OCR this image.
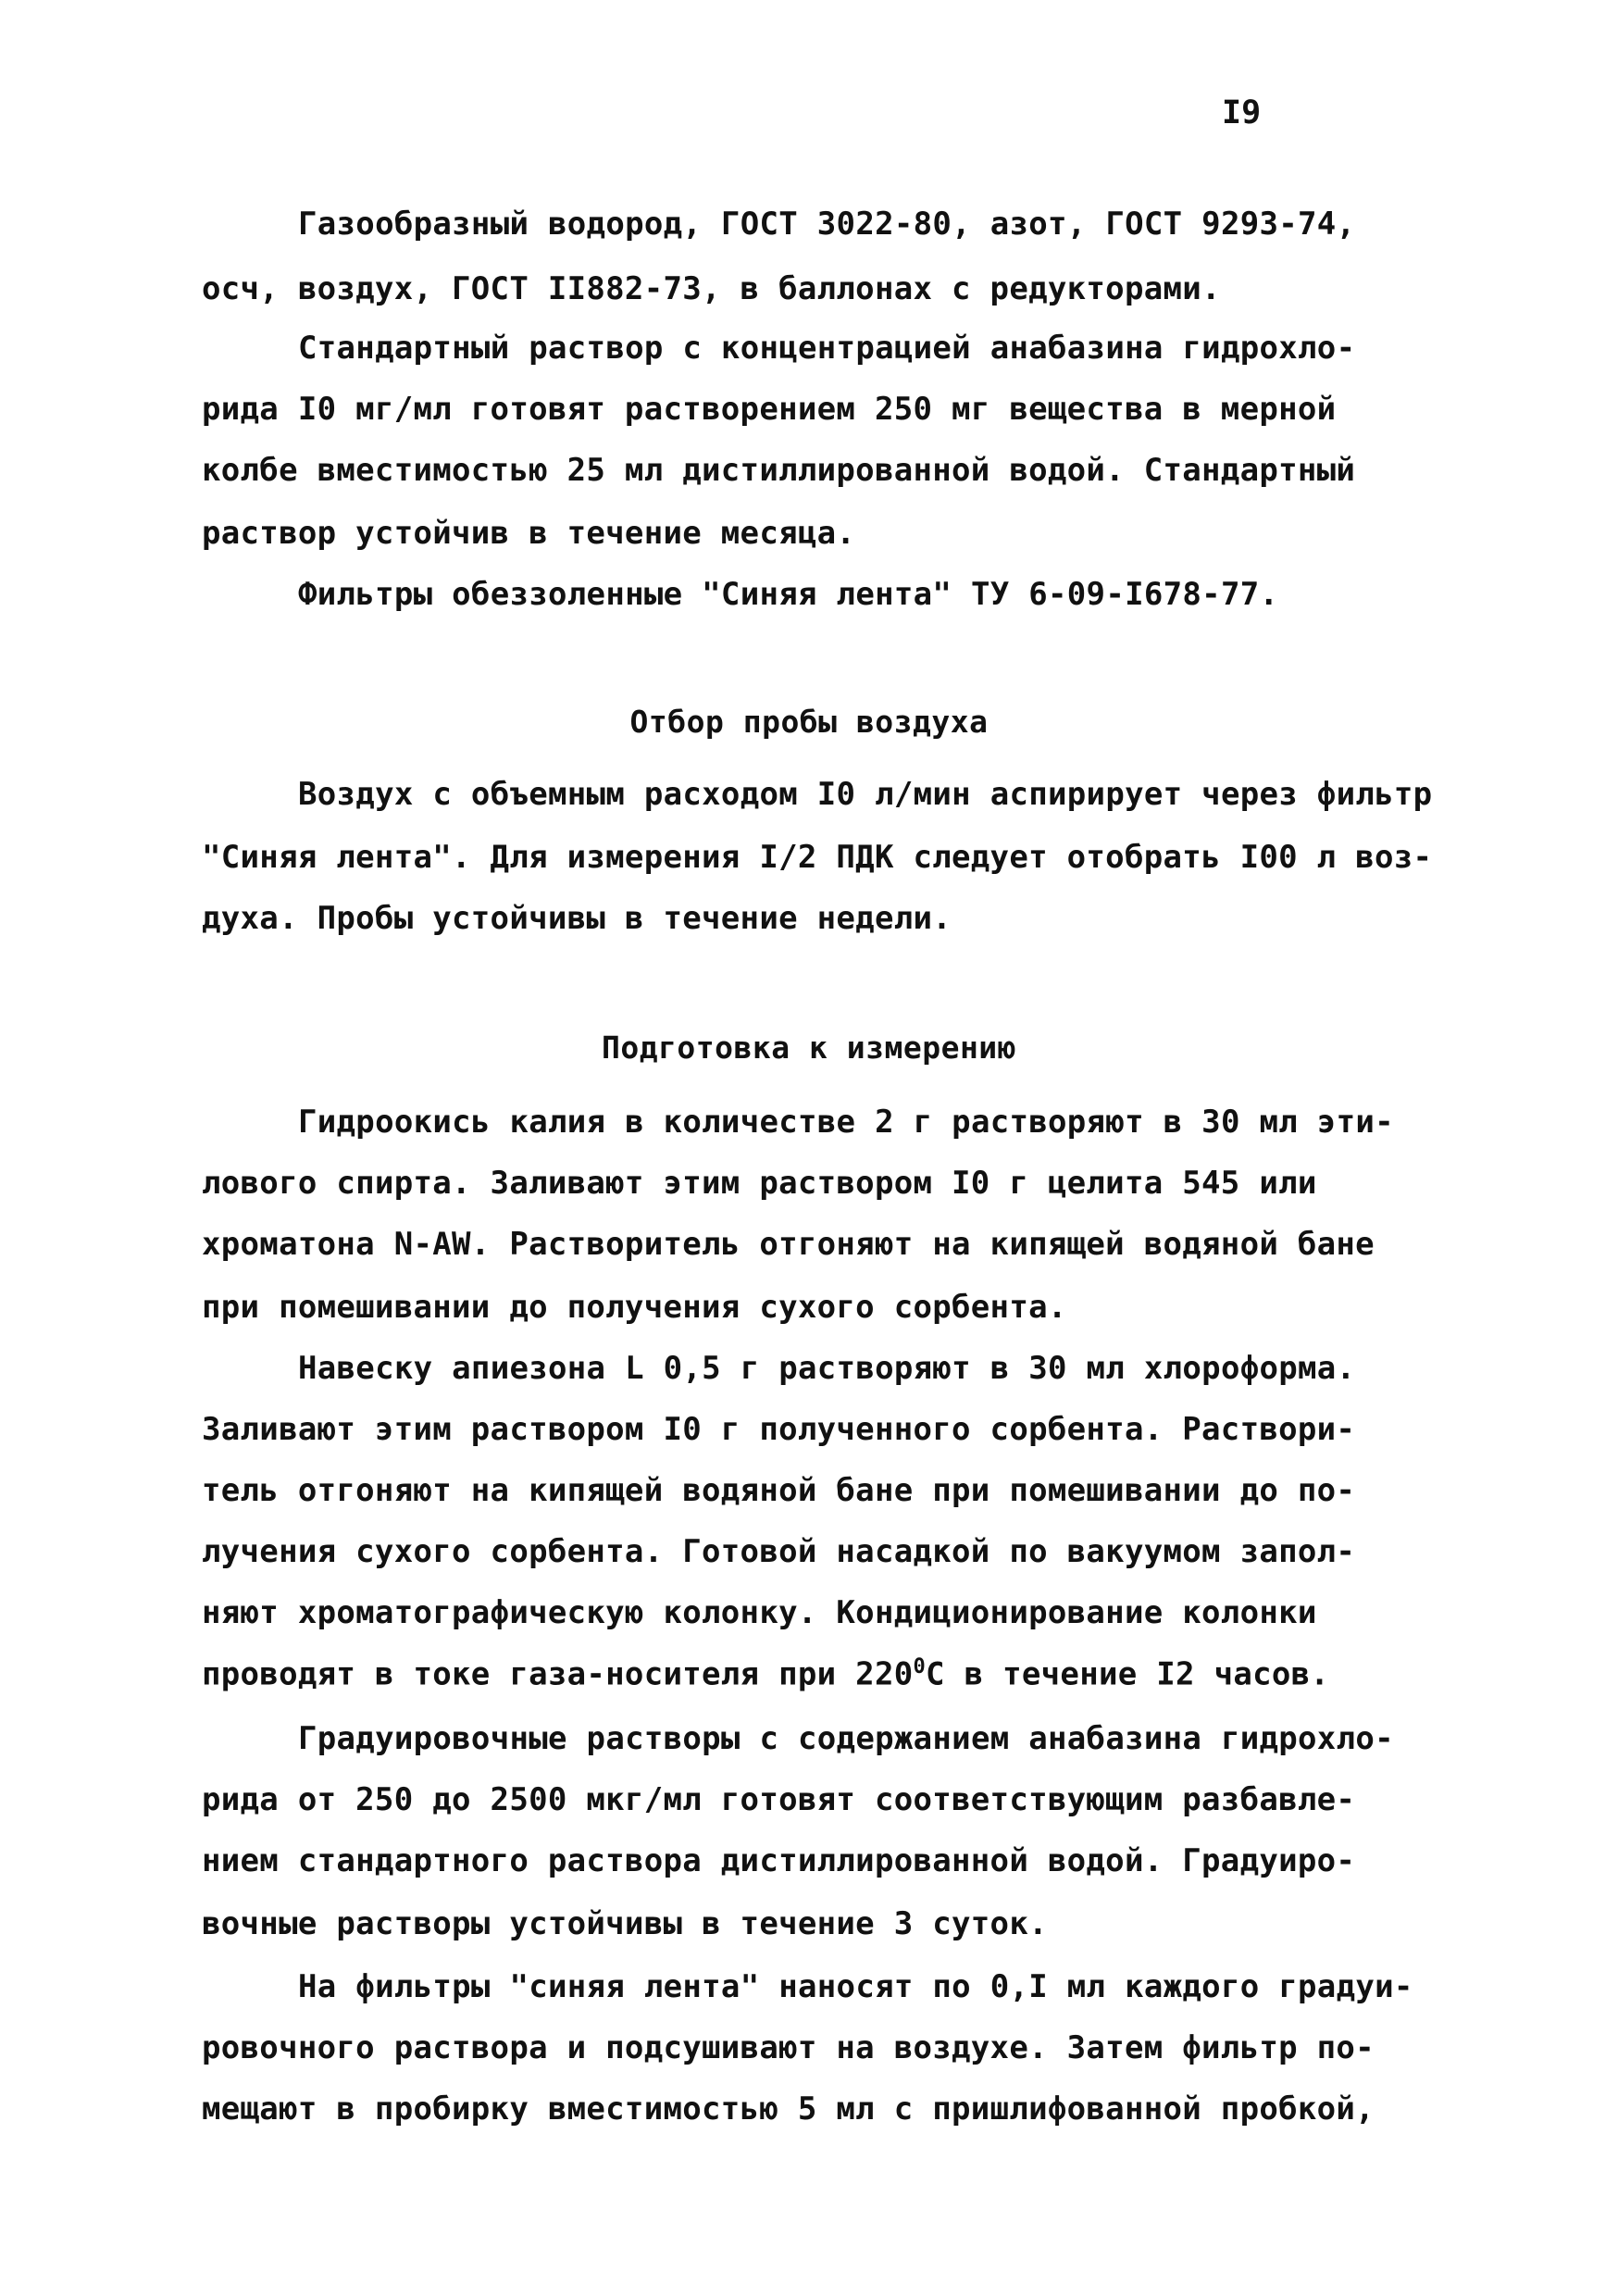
I9
Газообразный водород, ГОСТ 3022-80, азот, ГОСТ 9293-74,
осч, воздух, ГОСТ II882-73, в баллонах с редукторами.
Стандартный раствор с концентрацией анабазина гидрохло-
рида I0 мг/мл готовят растворением 250 мг вещества в мерной
колбе вместимостью 25 мл дистиллированной водой. Стандартный
раствор устойчив в течение месяца.
Фильтры обеззоленные "Синяя лента" ТУ 6-09-I678-77.
Отбор пробы воздуха
Воздух с объемным расходом I0 л/мин аспирирует через фильтр
"Синяя лента". Для измерения I/2 ПДК следует отобрать I00 л воз-
духа. Пробы устойчивы в течение недели.
Подготовка к измерению
Гидроокись калия в количестве 2 г растворяют в 30 мл эти-
лового спирта. Заливают этим раствором I0 г целита 545 или
хроматона N-AW. Растворитель отгоняют на кипящей водяной бане
при помешивании до получения сухого сорбента.
Навеску апиезона L 0,5 г растворяют в 30 мл хлороформа.
Заливают этим раствором I0 г полученного сорбента. Раствори-
тель отгоняют на кипящей водяной бане при помешивании до по-
лучения сухого сорбента. Готовой насадкой по вакуумом запол-
няют хроматографическую колонку. Кондиционирование колонки
проводят в токе газа-носителя при $220^0С$ в течение I2 часов.
Градуировочные растворы с содержанием анабазина гидрохло-
рида от 250 до 2500 мкг/мл готовят соответствующим разбавле-
нием стандартного раствора дистиллированной водой. Градуиро-
вочные растворы устойчивы в течение 3 суток.
На фильтры "синяя лента" наносят по 0,I мл каждого градуи-
ровочного раствора и подсушивают на воздухе. Затем фильтр по-
мещают в пробирку вместимостью 5 мл с пришлифованной пробкой,
